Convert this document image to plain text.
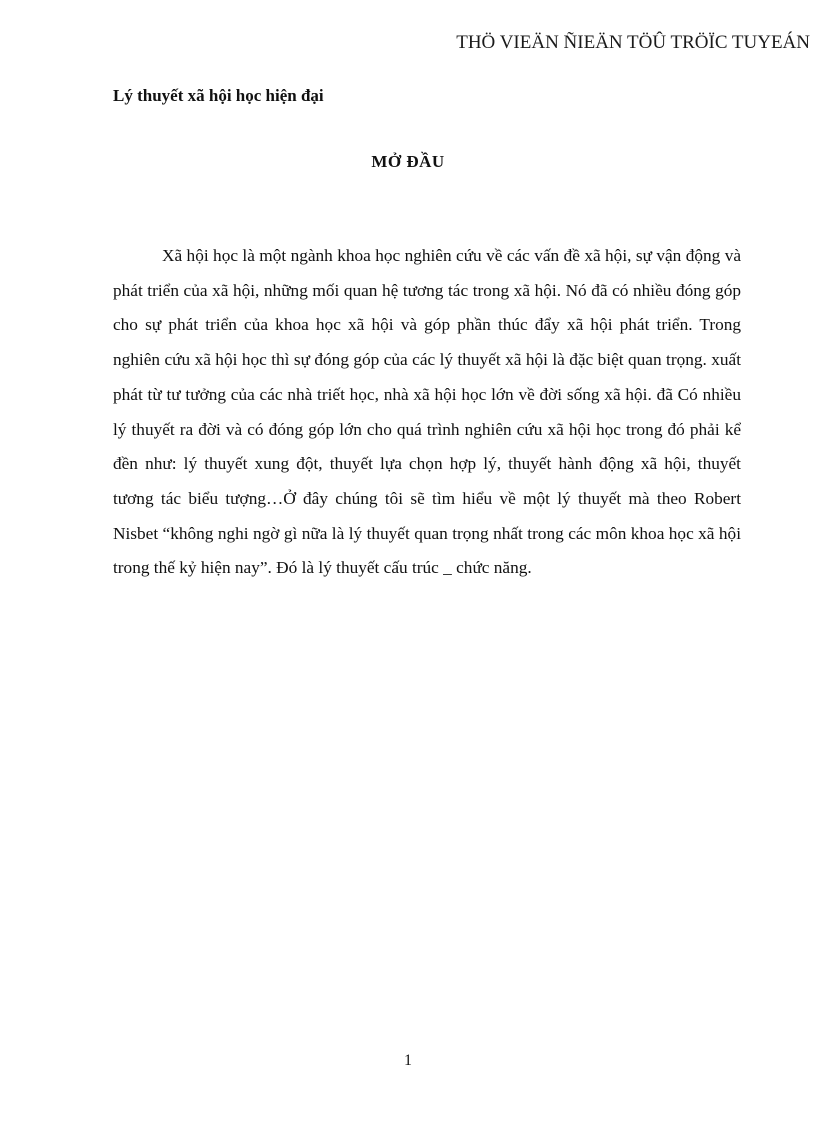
THÖ VIEÄN ÑIEÄN TÖÛ TRÖÏC TUYEÁN
Lý thuyết xã hội học hiện đại
MỞ ĐẦU

Xã hội học là một ngành khoa học nghiên cứu về các vấn đề xã hội, sự vận động và phát triển của xã hội, những mối quan hệ tương tác trong xã hội. Nó đã có nhiều đóng góp cho sự phát triển của khoa học xã hội và góp phần thúc đẩy xã hội phát triển. Trong nghiên cứu xã hội học thì sự đóng góp của các lý thuyết xã hội là đặc biệt quan trọng. xuất phát từ tư tưởng của các nhà triết học, nhà xã hội học lớn về đời sống xã hội. đã Có nhiều lý thuyết ra đời và có đóng góp lớn cho quá trình nghiên cứu xã hội học trong đó phải kể đền như: lý thuyết xung đột, thuyết lựa chọn hợp lý, thuyết hành động xã hội, thuyết tương tác biểu tượng…Ở đây chúng tôi sẽ tìm hiểu về một lý thuyết mà theo Robert Nisbet “không nghi ngờ gì nữa là lý thuyết quan trọng nhất trong các môn khoa học xã hội trong thế kỷ hiện nay”. Đó là lý thuyết cấu trúc _ chức năng.

1
